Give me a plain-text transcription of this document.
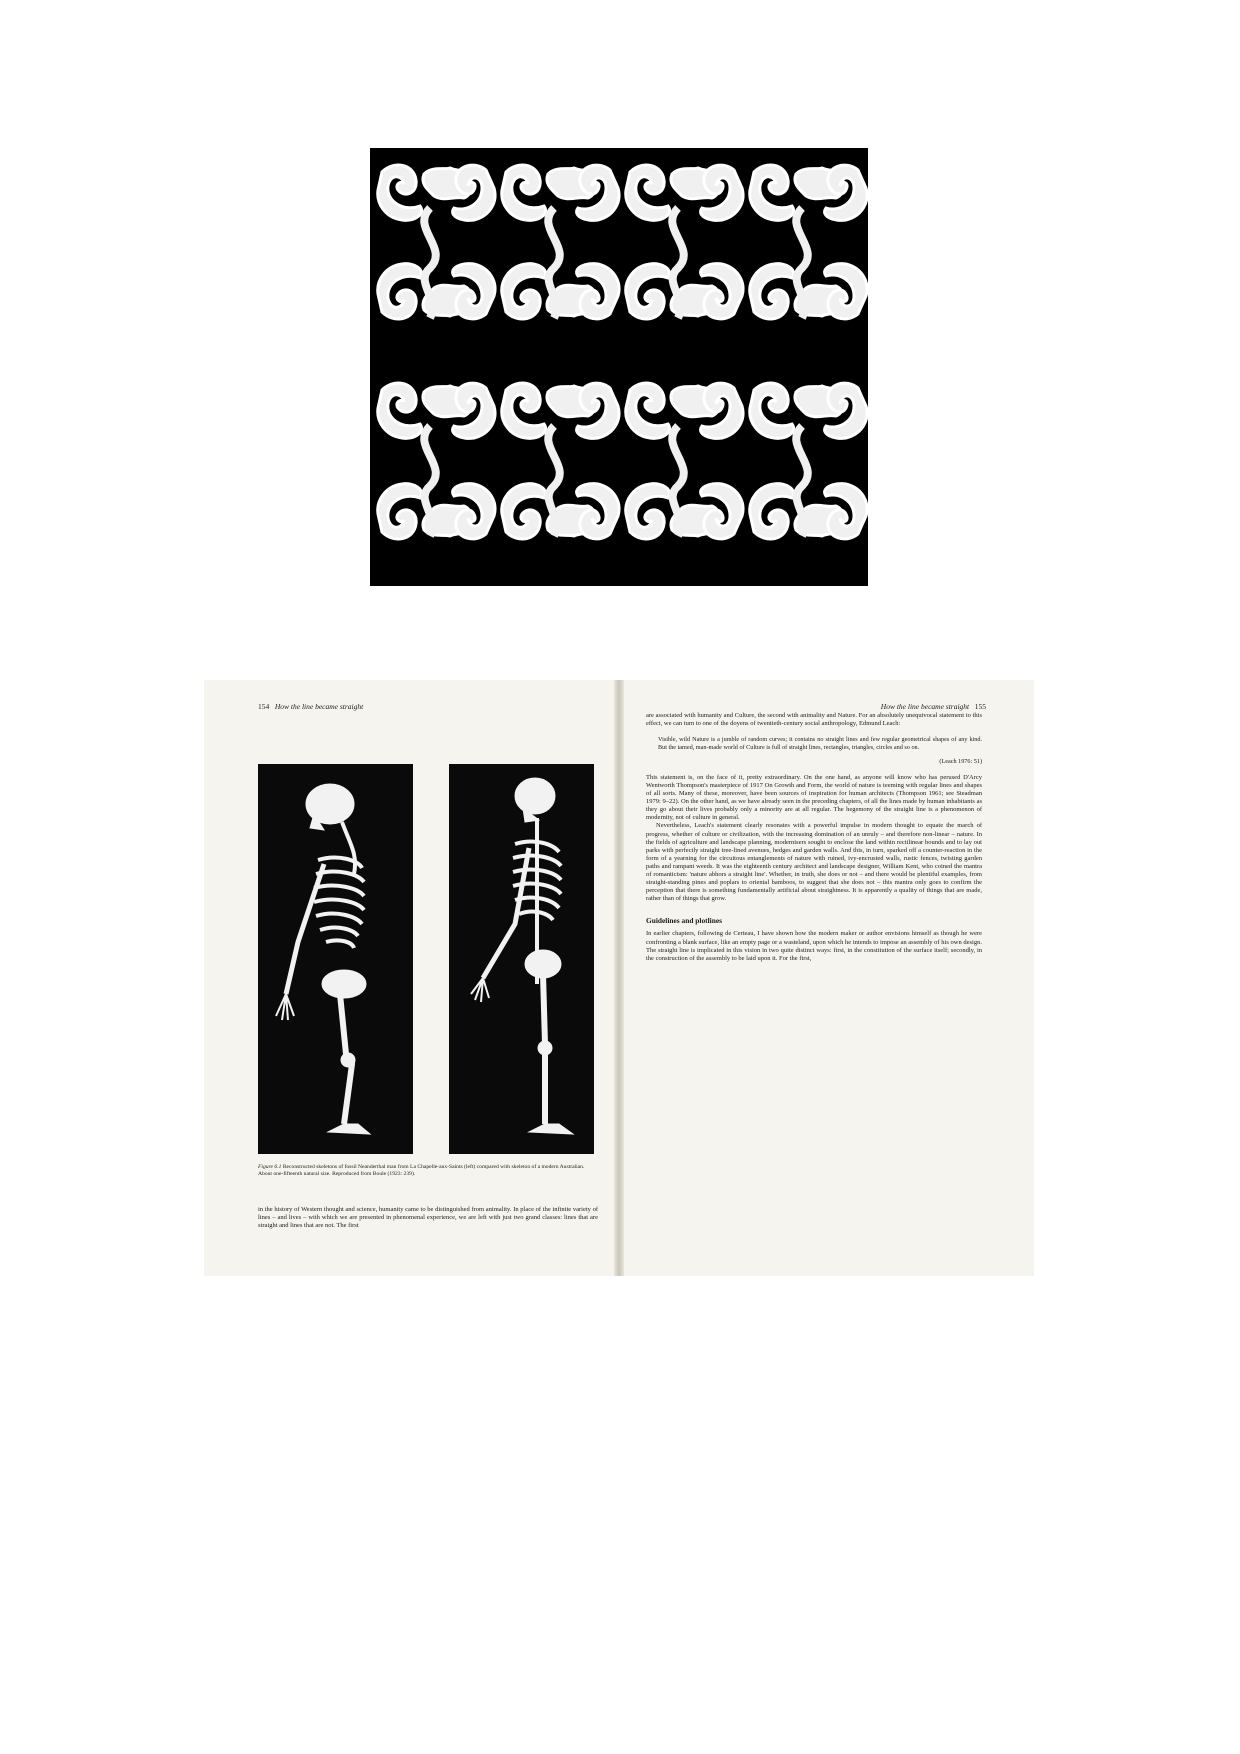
154 How the line became straight
Figure 6.1 Reconstructed skeletons of fossil Neanderthal man from La Chapelle-aux-Saints (left) compared with skeleton of a modern Australian. About one-fifteenth natural size. Reproduced from Boule (1923: 239).
in the history of Western thought and science, humanity came to be distinguished from animality. In place of the infinite variety of lines – and lives – with which we are presented in phenomenal experience, we are left with just two grand classes: lines that are straight and lines that are not. The first
How the line became straight 155

are associated with humanity and Culture, the second with animality and Nature. For an absolutely unequivocal statement to this effect, we can turn to one of the doyens of twentieth-century social anthropology, Edmund Leach:

Visible, wild Nature is a jumble of random curves; it contains no straight lines and few regular geometrical shapes of any kind. But the tamed, man-made world of Culture is full of straight lines, rectangles, triangles, circles and so on.

(Leach 1976: 51)

This statement is, on the face of it, pretty extraordinary. On the one hand, as anyone will know who has perused D'Arcy Wentworth Thompson's masterpiece of 1917 On Growth and Form, the world of nature is teeming with regular lines and shapes of all sorts. Many of these, moreover, have been sources of inspiration for human architects (Thompson 1961; see Steadman 1979: 9–22). On the other hand, as we have already seen in the preceding chapters, of all the lines made by human inhabitants as they go about their lives probably only a minority are at all regular. The hegemony of the straight line is a phenomenon of modernity, not of culture in general.

Nevertheless, Leach's statement clearly resonates with a powerful impulse in modern thought to equate the march of progress, whether of culture or civilization, with the increasing domination of an unruly – and therefore non-linear – nature. In the fields of agriculture and landscape planning, modernisers sought to enclose the land within rectilinear bounds and to lay out parks with perfectly straight tree-lined avenues, hedges and garden walls. And this, in turn, sparked off a counter-reaction in the form of a yearning for the circuitous entanglements of nature with ruined, ivy-encrusted walls, rustic fences, twisting garden paths and rampant weeds. It was the eighteenth century architect and landscape designer, William Kent, who coined the mantra of romanticism: 'nature abhors a straight line'. Whether, in truth, she does or not – and there would be plentiful examples, from straight-standing pines and poplars to oriental bamboos, to suggest that she does not – this mantra only goes to confirm the perception that there is something fundamentally artificial about straightness. It is apparently a quality of things that are made, rather than of things that grow.

Guidelines and plotlines

In earlier chapters, following de Certeau, I have shown how the modern maker or author envisions himself as though he were confronting a blank surface, like an empty page or a wasteland, upon which he intends to impose an assembly of his own design. The straight line is implicated in this vision in two quite distinct ways: first, in the constitution of the surface itself; secondly, in the construction of the assembly to be laid upon it. For the first,
